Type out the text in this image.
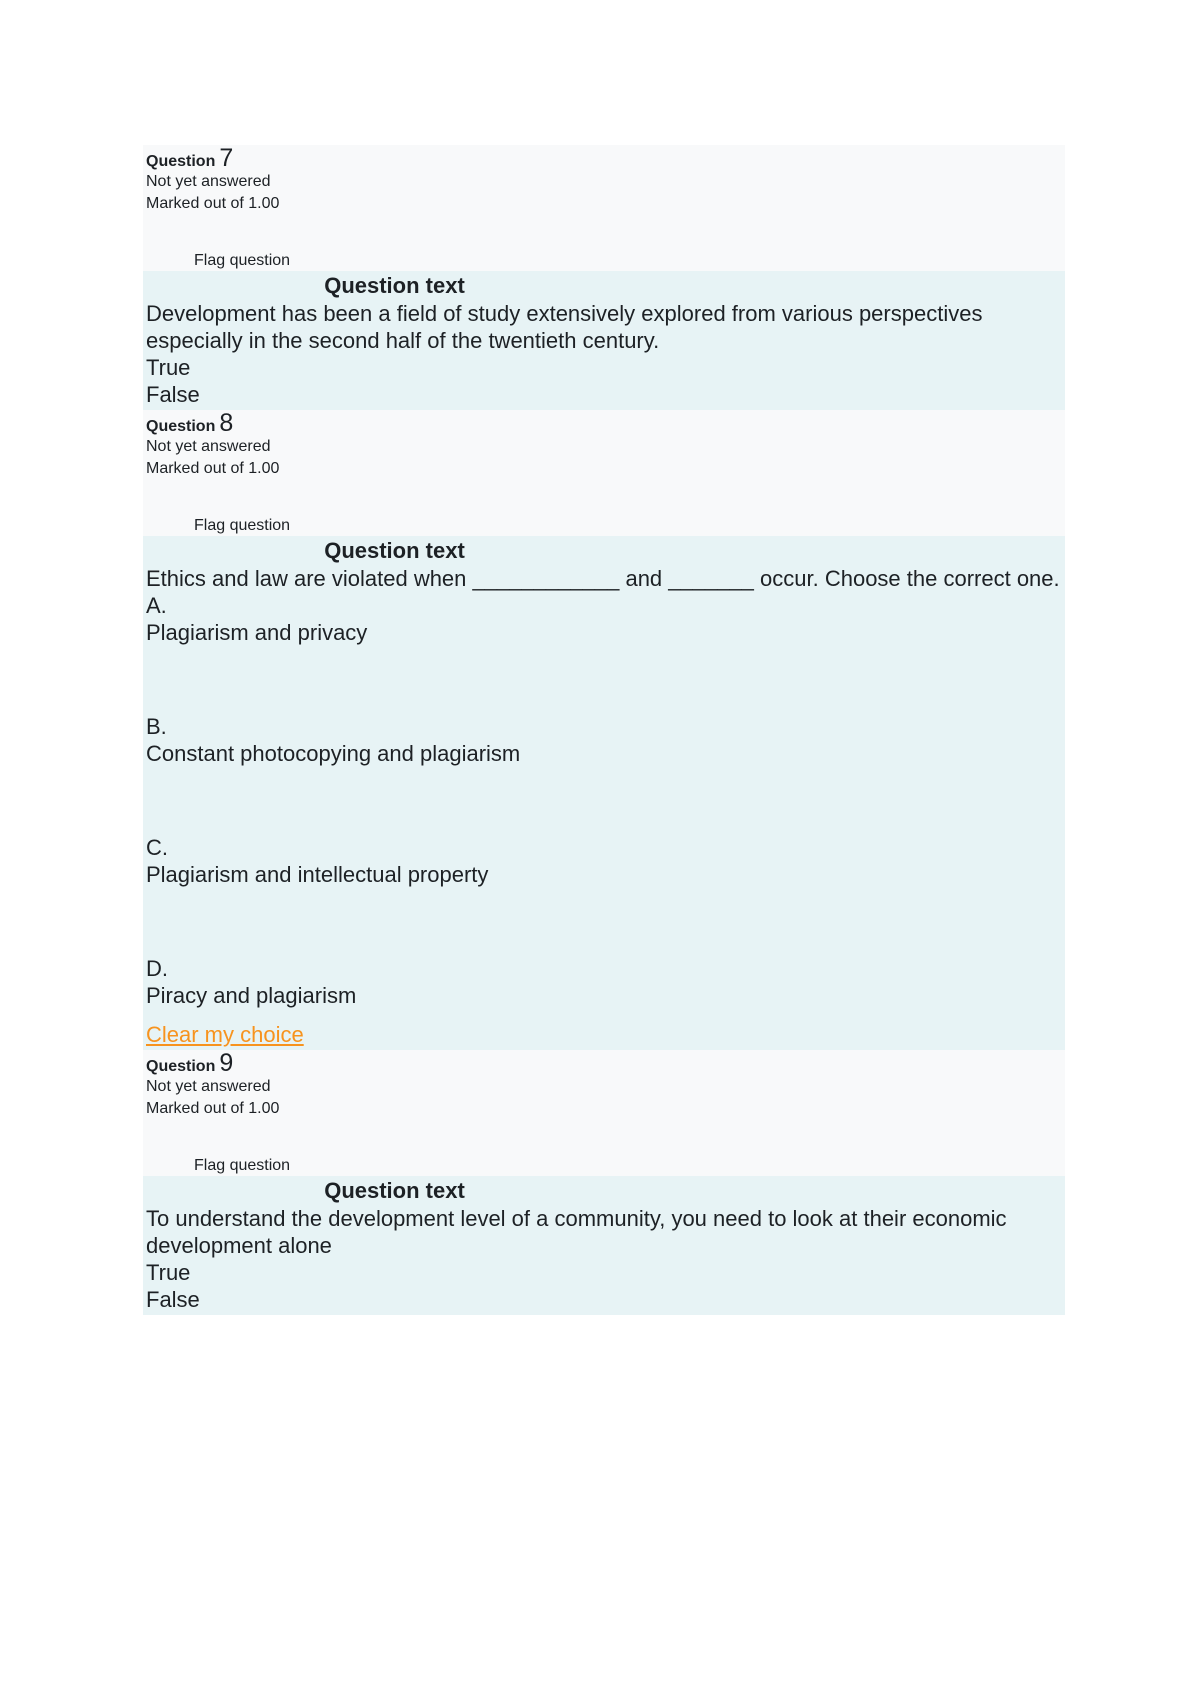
Question 7
Not yet answered
Marked out of 1.00
Flag question
Question text
Development has been a field of study extensively explored from various perspectives especially in the second half of the twentieth century.
True
False
Question 8
Not yet answered
Marked out of 1.00
Flag question
Question text
Ethics and law are violated when ____________ and _______ occur. Choose the correct one.
A.
Plagiarism and privacy
B.
Constant photocopying and plagiarism
C.
Plagiarism and intellectual property
D.
Piracy and plagiarism
Clear my choice
Question 9
Not yet answered
Marked out of 1.00
Flag question
Question text
To understand the development level of a community, you need to look at their economic development alone
True
False
